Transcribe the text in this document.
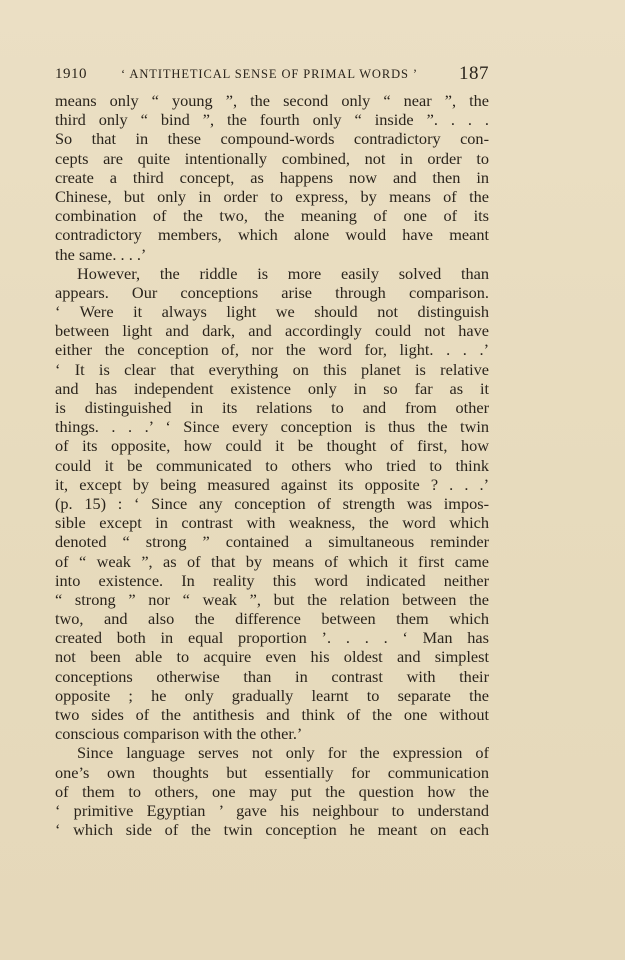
1910	‘ ANTITHETICAL SENSE OF PRIMAL WORDS ’	187
means only “ young ”, the second only “ near ”, the
third only “ bind ”, the fourth only “ inside ”. . . .
So that in these compound-words contradictory con-
cepts are quite intentionally combined, not in order to
create a third concept, as happens now and then in
Chinese, but only in order to express, by means of the
combination of the two, the meaning of one of its
contradictory members, which alone would have meant
the same. . . .’
However, the riddle is more easily solved than
appears. Our conceptions arise through comparison.
‘ Were it always light we should not distinguish
between light and dark, and accordingly could not have
either the conception of, nor the word for, light. . . .’
‘ It is clear that everything on this planet is relative
and has independent existence only in so far as it
is distinguished in its relations to and from other
things. . . .’ ‘ Since every conception is thus the twin
of its opposite, how could it be thought of first, how
could it be communicated to others who tried to think
it, except by being measured against its opposite ? . . .’
(p. 15) : ‘ Since any conception of strength was impos-
sible except in contrast with weakness, the word which
denoted “ strong ” contained a simultaneous reminder
of “ weak ”, as of that by means of which it first came
into existence. In reality this word indicated neither
“ strong ” nor “ weak ”, but the relation between the
two, and also the difference between them which
created both in equal proportion ’. . . . ‘ Man has
not been able to acquire even his oldest and simplest
conceptions otherwise than in contrast with their
opposite ; he only gradually learnt to separate the
two sides of the antithesis and think of the one without
conscious comparison with the other.’
Since language serves not only for the expression of
one’s own thoughts but essentially for communication
of them to others, one may put the question how the
‘ primitive Egyptian ’ gave his neighbour to understand
‘ which side of the twin conception he meant on each
